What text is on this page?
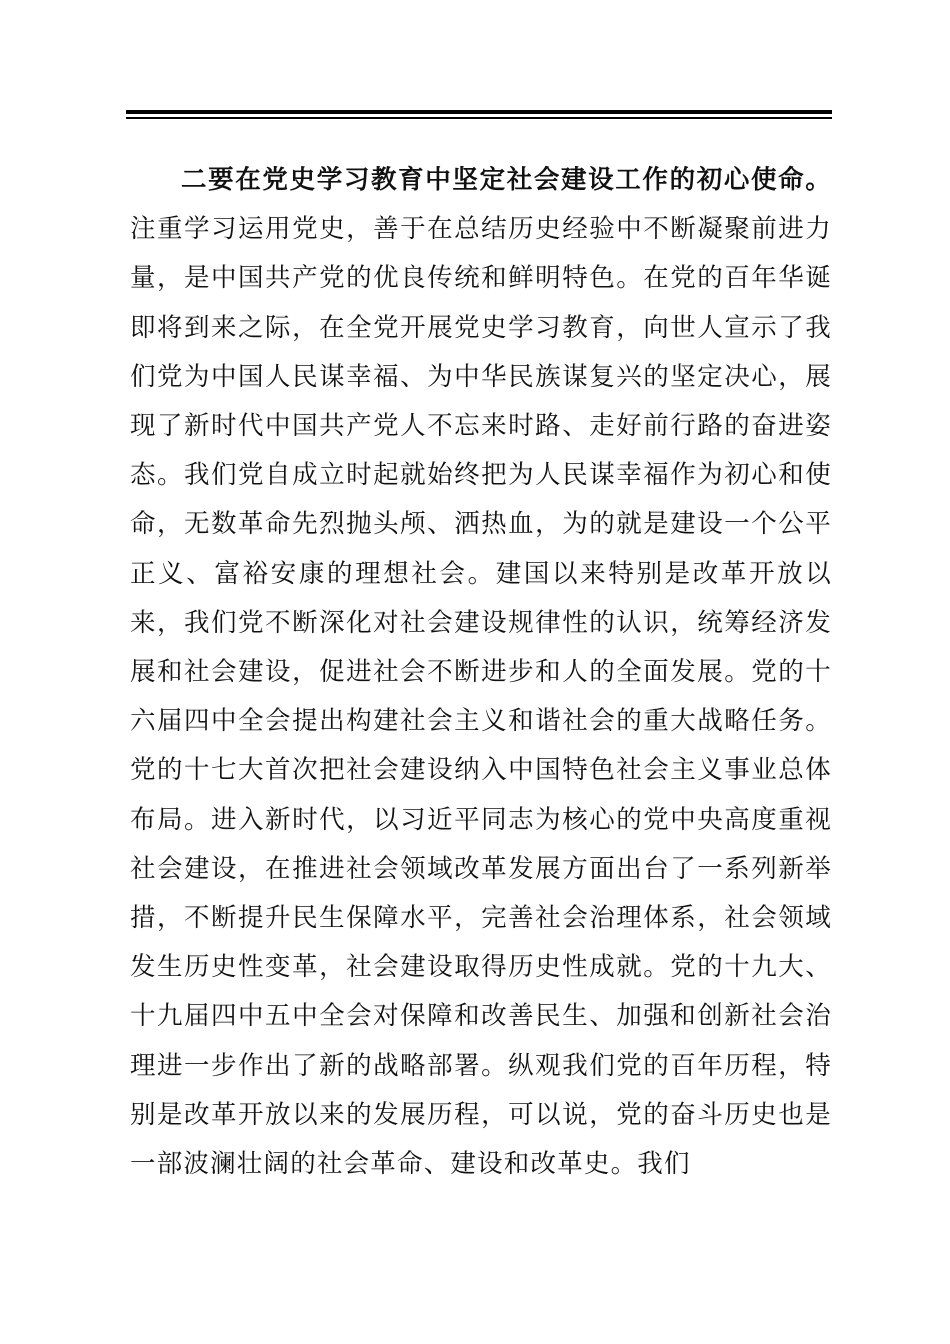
二要在党史学习教育中坚定社会建设工作的初心使命。注重学习运用党史，善于在总结历史经验中不断凝聚前进力量，是中国共产党的优良传统和鲜明特色。在党的百年华诞即将到来之际，在全党开展党史学习教育，向世人宣示了我们党为中国人民谋幸福、为中华民族谋复兴的坚定决心，展现了新时代中国共产党人不忘来时路、走好前行路的奋进姿态。我们党自成立时起就始终把为人民谋幸福作为初心和使命，无数革命先烈抛头颅、洒热血，为的就是建设一个公平正义、富裕安康的理想社会。建国以来特别是改革开放以来，我们党不断深化对社会建设规律性的认识，统筹经济发展和社会建设，促进社会不断进步和人的全面发展。党的十六届四中全会提出构建社会主义和谐社会的重大战略任务。党的十七大首次把社会建设纳入中国特色社会主义事业总体布局。进入新时代，以习近平同志为核心的党中央高度重视社会建设，在推进社会领域改革发展方面出台了一系列新举措，不断提升民生保障水平，完善社会治理体系，社会领域发生历史性变革，社会建设取得历史性成就。党的十九大、十九届四中五中全会对保障和改善民生、加强和创新社会治理进一步作出了新的战略部署。纵观我们党的百年历程，特别是改革开放以来的发展历程，可以说，党的奋斗历史也是一部波澜壮阔的社会革命、建设和改革史。我们
